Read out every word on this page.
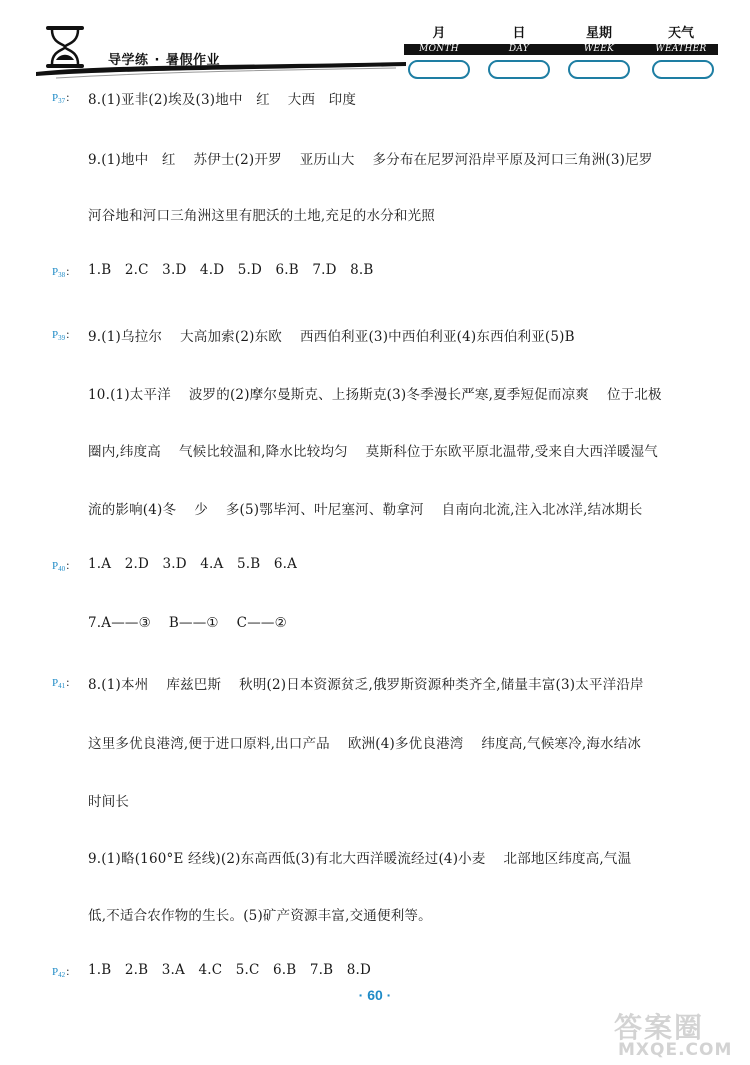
导学练 · 暑假作业
月	日	星期	天气
MONTH	DAY	WEEK	WEATHER
$P_{37}$: 8.(1)亚非(2)埃及(3)地中   红    大西   印度
9.(1)地中   红    苏伊士(2)开罗    亚历山大    多分布在尼罗河沿岸平原及河口三角洲(3)尼罗
河谷地和河口三角洲这里有肥沃的土地,充足的水分和光照
$P_{38}$: 1.B   2.C   3.D   4.D   5.D   6.B   7.D   8.B
$P_{39}$: 9.(1)乌拉尔    大高加索(2)东欧    西西伯利亚(3)中西伯利亚(4)东西伯利亚(5)B
10.(1)太平洋    波罗的(2)摩尔曼斯克、上扬斯克(3)冬季漫长严寒,夏季短促而凉爽    位于北极
圈内,纬度高    气候比较温和,降水比较均匀    莫斯科位于东欧平原北温带,受来自大西洋暖湿气
流的影响(4)冬    少    多(5)鄂毕河、叶尼塞河、勒拿河    自南向北流,注入北冰洋,结冰期长
$P_{40}$: 1.A   2.D   3.D   4.A   5.B   6.A
7.A——③    B——①    C——②
$P_{41}$: 8.(1)本州    库兹巴斯    秋明(2)日本资源贫乏,俄罗斯资源种类齐全,储量丰富(3)太平洋沿岸
这里多优良港湾,便于进口原料,出口产品    欧洲(4)多优良港湾    纬度高,气候寒冷,海水结冰
时间长
9.(1)略(160°E 经线)(2)东高西低(3)有北大西洋暖流经过(4)小麦    北部地区纬度高,气温
低,不适合农作物的生长。(5)矿产资源丰富,交通便利等。
$P_{42}$: 1.B   2.B   3.A   4.C   5.C   6.B   7.B   8.D
· 60 ·
答案圈
MXQE.COM
